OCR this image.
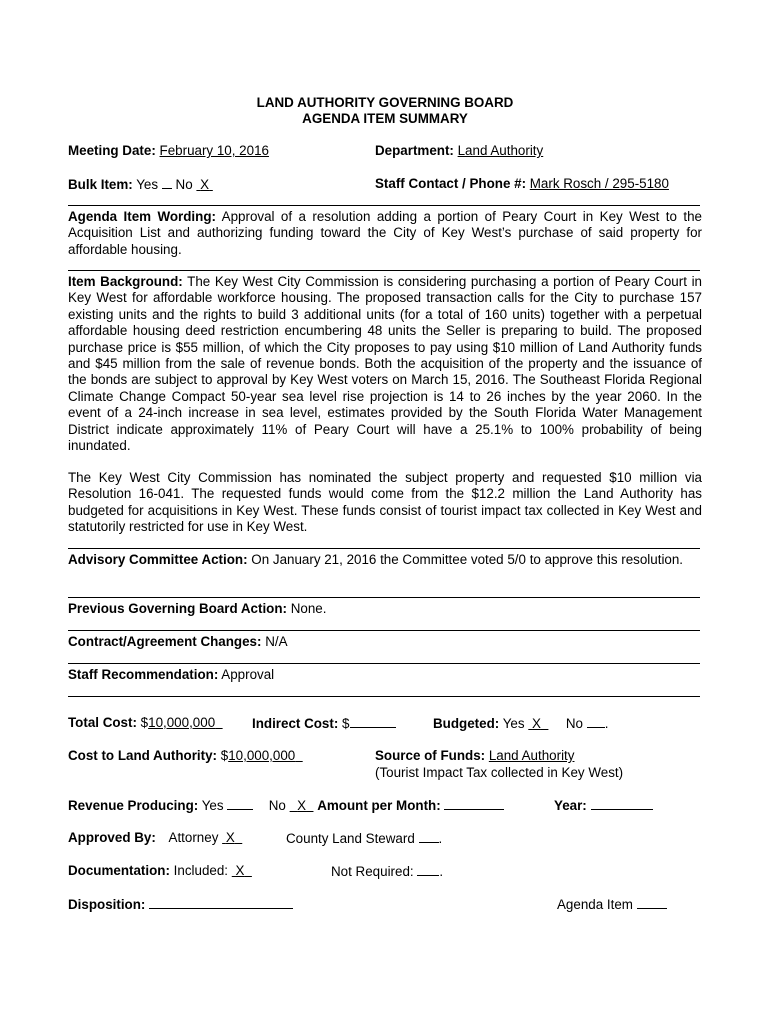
LAND AUTHORITY GOVERNING BOARD
AGENDA ITEM SUMMARY
Meeting Date: February 10, 2016	Department: Land Authority
Bulk Item: Yes No X	Staff Contact / Phone #: Mark Rosch / 295-5180
Agenda Item Wording: Approval of a resolution adding a portion of Peary Court in Key West to the Acquisition List and authorizing funding toward the City of Key West’s purchase of said property for affordable housing.
Item Background: The Key West City Commission is considering purchasing a portion of Peary Court in Key West for affordable workforce housing. The proposed transaction calls for the City to purchase 157 existing units and the rights to build 3 additional units (for a total of 160 units) together with a perpetual affordable housing deed restriction encumbering 48 units the Seller is preparing to build. The proposed purchase price is $55 million, of which the City proposes to pay using $10 million of Land Authority funds and $45 million from the sale of revenue bonds. Both the acquisition of the property and the issuance of the bonds are subject to approval by Key West voters on March 15, 2016. The Southeast Florida Regional Climate Change Compact 50-year sea level rise projection is 14 to 26 inches by the year 2060. In the event of a 24-inch increase in sea level, estimates provided by the South Florida Water Management District indicate approximately 11% of Peary Court will have a 25.1% to 100% probability of being inundated.
The Key West City Commission has nominated the subject property and requested $10 million via Resolution 16-041. The requested funds would come from the $12.2 million the Land Authority has budgeted for acquisitions in Key West. These funds consist of tourist impact tax collected in Key West and statutorily restricted for use in Key West.
Advisory Committee Action: On January 21, 2016 the Committee voted 5/0 to approve this resolution.
Previous Governing Board Action: None.
Contract/Agreement Changes: N/A
Staff Recommendation: Approval
Total Cost: $10,000,000	Indirect Cost: $	Budgeted: Yes X No .
Cost to Land Authority: $10,000,000	Source of Funds: Land Authority
(Tourist Impact Tax collected in Key West)
Revenue Producing: Yes	No X Amount per Month:	Year:
Approved By: Attorney X	County Land Steward .
Documentation: Included: X	Not Required: .
Disposition:	Agenda Item
